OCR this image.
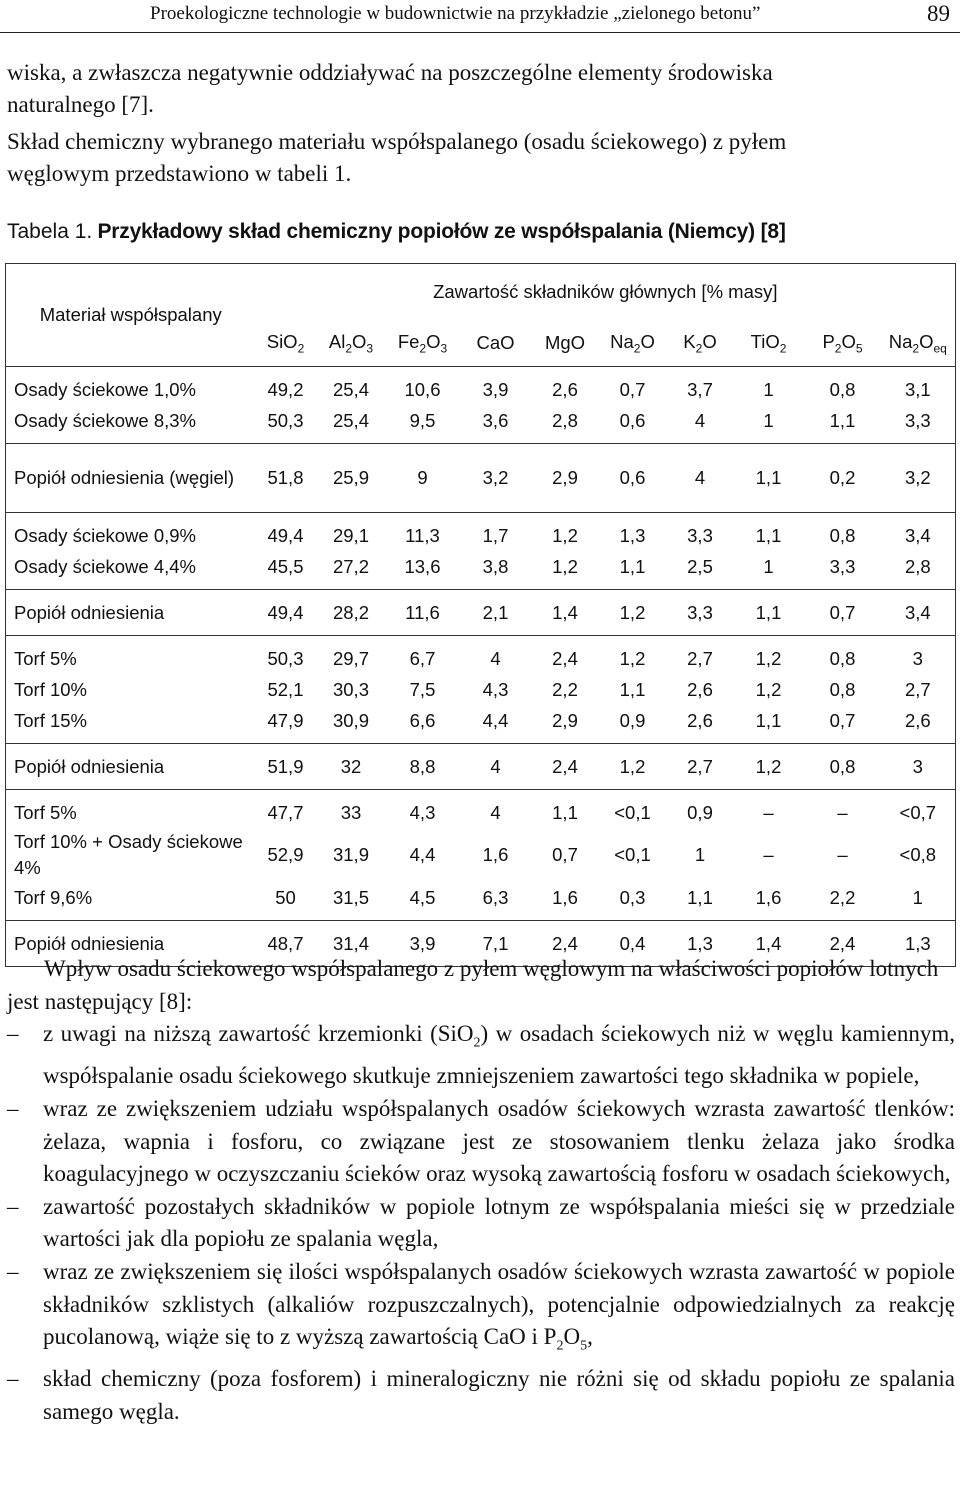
Proekologiczne technologie w budownictwie na przykładzie „zielonego betonu”	89
wiska, a zwłaszcza negatywnie oddziaływać na poszczególne elementy środowiska
naturalnego [7].
Skład chemiczny wybranego materiału współspalanego (osadu ściekowego) z pyłem
węglowym przedstawiono w tabeli 1.
Tabela 1. Przykładowy skład chemiczny popiołów ze współspalania (Niemcy) [8]
Materiał współspalany	Zawartość składników głównych [% masy]									
	SiO$_2$	$Al_2O_3$	$Fe_2O_3$	CaO	MgO	$Na_2O$	$K_2O$	TiO$_2$	$P_2O_5$	$Na_2O_{eq}$
Osady ściekowe 1,0%	49,2	25,4	10,6	3,9	2,6	0,7	3,7	1	0,8	3,1
Osady ściekowe 8,3%	50,3	25,4	9,5	3,6	2,8	0,6	4	1	1,1	3,3
Popiół odniesienia (węgiel)	51,8	25,9	9	3,2	2,9	0,6	4	1,1	0,2	3,2
Osady ściekowe 0,9%	49,4	29,1	11,3	1,7	1,2	1,3	3,3	1,1	0,8	3,4
Osady ściekowe 4,4%	45,5	27,2	13,6	3,8	1,2	1,1	2,5	1	3,3	2,8
Popiół odniesienia	49,4	28,2	11,6	2,1	1,4	1,2	3,3	1,1	0,7	3,4
Torf 5%	50,3	29,7	6,7	4	2,4	1,2	2,7	1,2	0,8	3
Torf 10%	52,1	30,3	7,5	4,3	2,2	1,1	2,6	1,2	0,8	2,7
Torf 15%	47,9	30,9	6,6	4,4	2,9	0,9	2,6	1,1	0,7	2,6
Popiół odniesienia	51,9	32	8,8	4	2,4	1,2	2,7	1,2	0,8	3
Torf 5%	47,7	33	4,3	4	1,1	<0,1	0,9	–	–	<0,7
Torf 10% + Osady ściekowe 4%	52,9	31,9	4,4	1,6	0,7	<0,1	1	–	–	<0,8
Torf 9,6%	50	31,5	4,5	6,3	1,6	0,3	1,1	1,6	2,2	1
Popiół odniesienia	48,7	31,4	3,9	7,1	2,4	0,4	1,3	1,4	2,4	1,3

Wpływ osadu ściekowego współspalanego z pyłem węglowym na właściwości popiołów lotnych jest następujący [8]:

– z uwagi na niższą zawartość krzemionki (SiO$_2$) w osadach ściekowych niż w węglu kamiennym, współspalanie osadu ściekowego skutkuje zmniejszeniem zawartości tego składnika w popiele,
– wraz ze zwiększeniem udziału współspalanych osadów ściekowych wzrasta zawartość tlenków: żelaza, wapnia i fosforu, co związane jest ze stosowaniem tlenku żelaza jako środka koagulacyjnego w oczyszczaniu ścieków oraz wysoką zawartością fosforu w osadach ściekowych,
– zawartość pozostałych składników w popiole lotnym ze współspalania mieści się w przedziale wartości jak dla popiołu ze spalania węgla,
– wraz ze zwiększeniem się ilości współspalanych osadów ściekowych wzrasta zawartość w popiole składników szklistych (alkaliów rozpuszczalnych), potencjalnie odpowiedzialnych za reakcję pucolanową, wiąże się to z wyższą zawartością CaO i $P_2O_5$,
– skład chemiczny (poza fosforem) i mineralogiczny nie różni się od składu popiołu ze spalania samego węgla.
